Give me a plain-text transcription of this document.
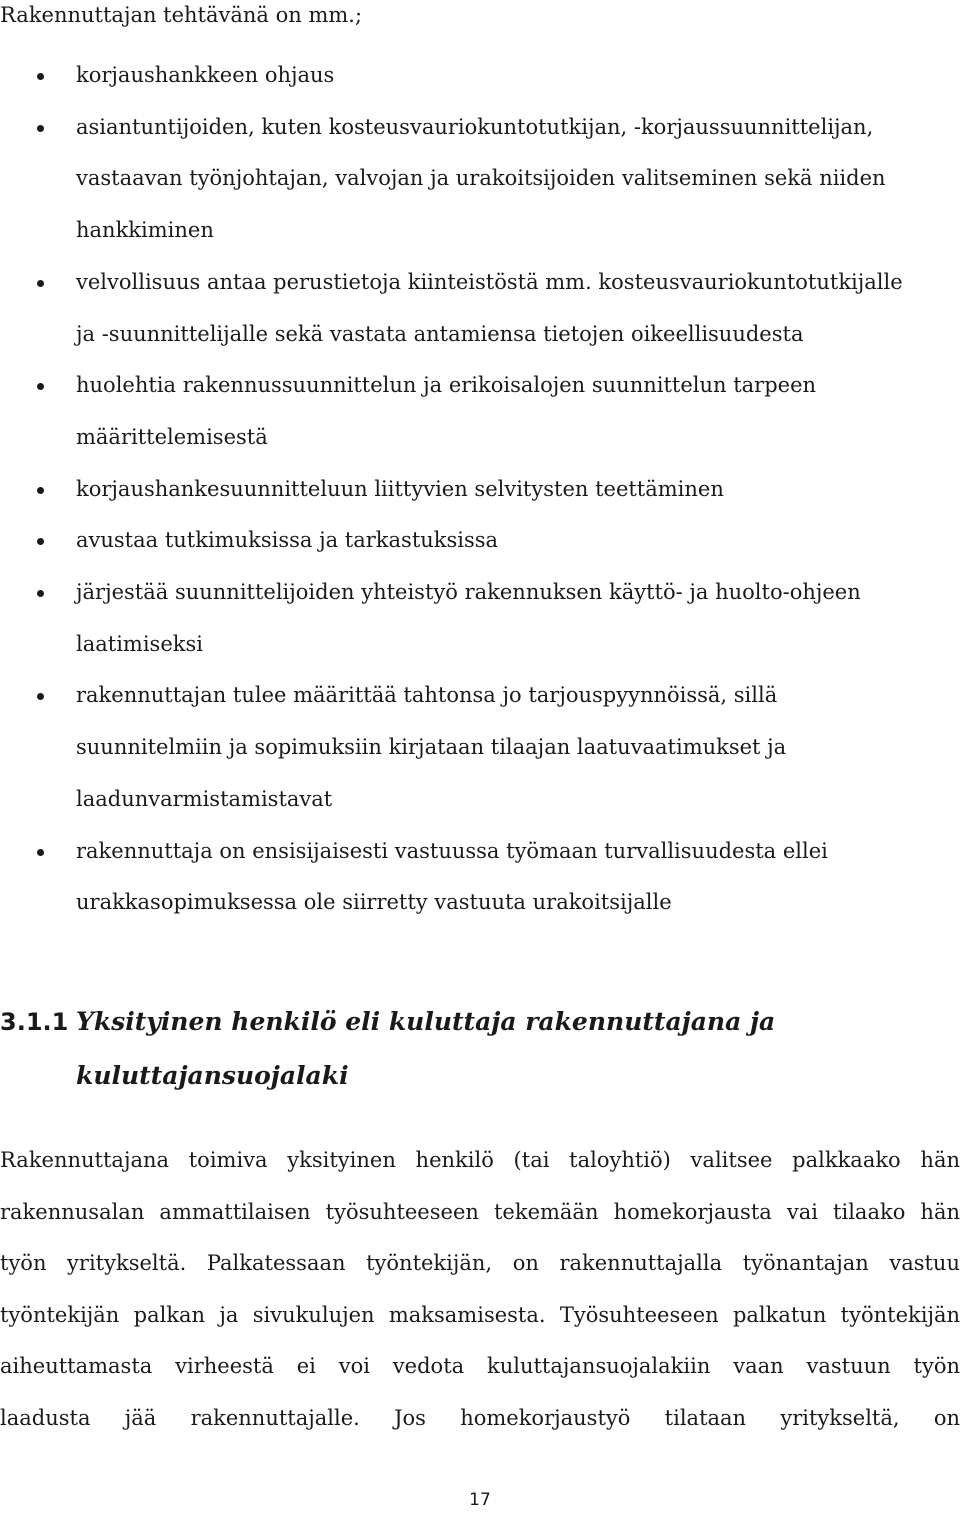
Rakennuttajan tehtävänä on mm.;
korjaushankkeen ohjaus
asiantuntijoiden, kuten kosteusvauriokuntotutkijan, -korjaussuunnittelijan,
vastaavan työnjohtajan, valvojan ja urakoitsijoiden valitseminen sekä niiden
hankkiminen
velvollisuus antaa perustietoja kiinteistöstä mm. kosteusvauriokuntotutkijalle
ja -suunnittelijalle sekä vastata antamiensa tietojen oikeellisuudesta
huolehtia rakennussuunnittelun ja erikoisalojen suunnittelun tarpeen
määrittelemisestä
korjaushankesuunnitteluun liittyvien selvitysten teettäminen
avustaa tutkimuksissa ja tarkastuksissa
järjestää suunnittelijoiden yhteistyö rakennuksen käyttö- ja huolto-ohjeen
laatimiseksi
rakennuttajan tulee määrittää tahtonsa jo tarjouspyynnöissä, sillä
suunnitelmiin ja sopimuksiin kirjataan tilaajan laatuvaatimukset ja
laadunvarmistamistavat
rakennuttaja on ensisijaisesti vastuussa työmaan turvallisuudesta ellei
urakkasopimuksessa ole siirretty vastuuta urakoitsijalle
3.1.1 Yksityinen henkilö eli kuluttaja rakennuttajana ja
kuluttajansuojalaki

Rakennuttajana toimiva yksityinen henkilö (tai taloyhtiö) valitsee palkkaako hän
rakennusalan ammattilaisen työsuhteeseen tekemään homekorjausta vai tilaako hän
työn yritykseltä. Palkatessaan työntekijän, on rakennuttajalla työnantajan vastuu
työntekijän palkan ja sivukulujen maksamisesta. Työsuhteeseen palkatun työntekijän
aiheuttamasta virheestä ei voi vedota kuluttajansuojalakiin vaan vastuun työn
laadusta jää rakennuttajalle. Jos homekorjaustyö tilataan yritykseltä, on

17
